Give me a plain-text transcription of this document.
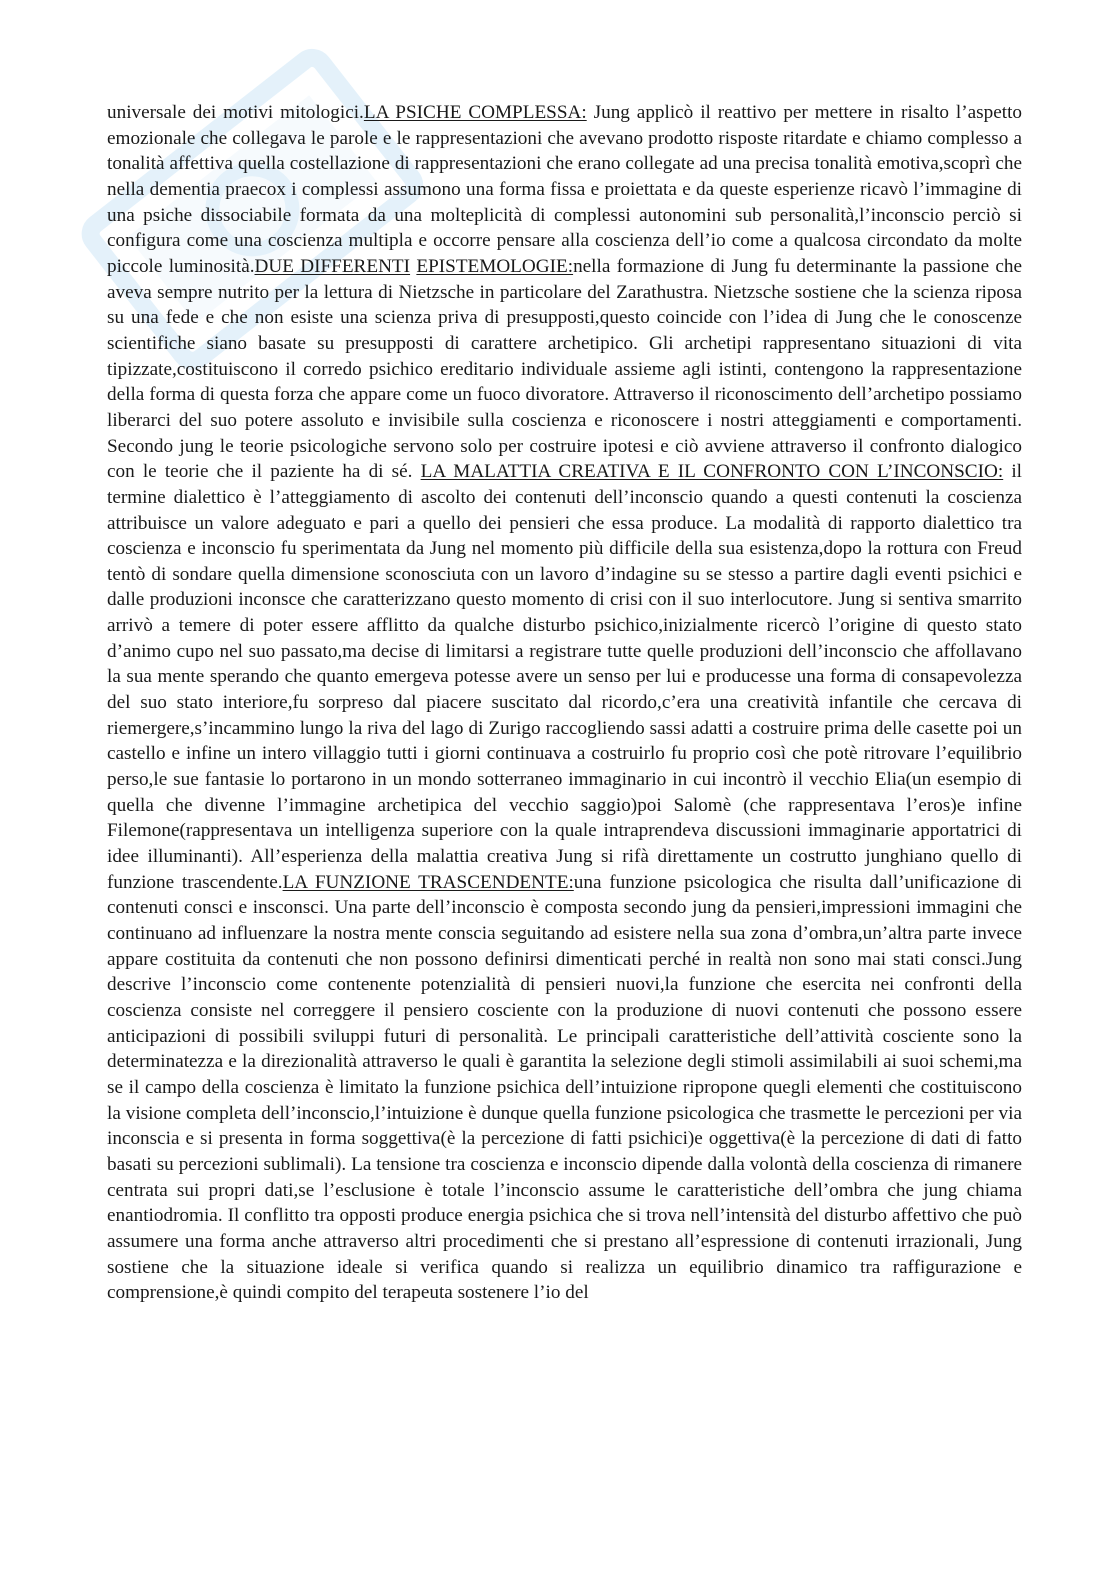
universale dei motivi mitologici.LA PSICHE COMPLESSA: Jung applicò il reattivo per mettere in risalto l’aspetto emozionale che collegava le parole e le rappresentazioni che avevano prodotto risposte ritardate e chiamo complesso a tonalità affettiva quella costellazione di rappresentazioni che erano collegate ad una precisa tonalità emotiva,scoprì che nella dementia praecox i complessi assumono una forma fissa e proiettata e da queste esperienze ricavò l’immagine di una psiche dissociabile formata da una molteplicità di complessi autonomini sub personalità,l’inconscio perciò si configura come una coscienza multipla e occorre pensare alla coscienza dell’io come a qualcosa circondato da molte piccole luminosità.DUE DIFFERENTI EPISTEMOLOGIE:nella formazione di Jung fu determinante la passione che aveva sempre nutrito per la lettura di Nietzsche in particolare del Zarathustra. Nietzsche sostiene che la scienza riposa su una fede e che non esiste una scienza priva di presupposti,questo coincide con l’idea di Jung che le conoscenze scientifiche siano basate su presupposti di carattere archetipico. Gli archetipi rappresentano situazioni di vita tipizzate,costituiscono il corredo psichico ereditario individuale assieme agli istinti, contengono la rappresentazione della forma di questa forza che appare come un fuoco divoratore. Attraverso il riconoscimento dell’archetipo possiamo liberarci del suo potere assoluto e invisibile sulla coscienza e riconoscere i nostri atteggiamenti e comportamenti. Secondo jung le teorie psicologiche servono solo per costruire ipotesi e ciò avviene attraverso il confronto dialogico con le teorie che il paziente ha di sé. LA MALATTIA CREATIVA E IL CONFRONTO CON L’INCONSCIO: il termine dialettico è l’atteggiamento di ascolto dei contenuti dell’inconscio quando a questi contenuti la coscienza attribuisce un valore adeguato e pari a quello dei pensieri che essa produce. La modalità di rapporto dialettico tra coscienza e inconscio fu sperimentata da Jung nel momento più difficile della sua esistenza,dopo la rottura con Freud tentò di sondare quella dimensione sconosciuta con un lavoro d’indagine su se stesso a partire dagli eventi psichici e dalle produzioni inconsce che caratterizzano questo momento di crisi con il suo interlocutore. Jung si sentiva smarrito arrivò a temere di poter essere afflitto da qualche disturbo psichico,inizialmente ricercò l’origine di questo stato d’animo cupo nel suo passato,ma decise di limitarsi a registrare tutte quelle produzioni dell’inconscio che affollavano la sua mente sperando che quanto emergeva potesse avere un senso per lui e producesse una forma di consapevolezza del suo stato interiore,fu sorpreso dal piacere suscitato dal ricordo,c’era una creatività infantile che cercava di riemergere,s’incammino lungo la riva del lago di Zurigo raccogliendo sassi adatti a costruire prima delle casette poi un castello e infine un intero villaggio tutti i giorni continuava a costruirlo fu proprio così che potè ritrovare l’equilibrio perso,le sue fantasie lo portarono in un mondo sotterraneo immaginario in cui incontrò il vecchio Elia(un esempio di quella che divenne l’immagine archetipica del vecchio saggio)poi Salomè (che rappresentava l’eros)e infine Filemone(rappresentava un intelligenza superiore con la quale intraprendeva discussioni immaginarie apportatrici di idee illuminanti). All’esperienza della malattia creativa Jung si rifà direttamente un costrutto junghiano quello di funzione trascendente.LA FUNZIONE TRASCENDENTE:una funzione psicologica che risulta dall’unificazione di contenuti consci e insconsci. Una parte dell’inconscio è composta secondo jung da pensieri,impressioni immagini che continuano ad influenzare la nostra mente conscia seguitando ad esistere nella sua zona d’ombra,un’altra parte invece appare costituita da contenuti che non possono definirsi dimenticati perché in realtà non sono mai stati consci.Jung descrive l’inconscio come contenente potenzialità di pensieri nuovi,la funzione che esercita nei confronti della coscienza consiste nel correggere il pensiero cosciente con la produzione di nuovi contenuti che possono essere anticipazioni di possibili sviluppi futuri di personalità. Le principali caratteristiche dell’attività cosciente sono la determinatezza e la direzionalità attraverso le quali è garantita la selezione degli stimoli assimilabili ai suoi schemi,ma se il campo della coscienza è limitato la funzione psichica dell’intuizione ripropone quegli elementi che costituiscono la visione completa dell’inconscio,l’intuizione è dunque quella funzione psicologica che trasmette le percezioni per via inconscia e si presenta in forma soggettiva(è la percezione di fatti psichici)e oggettiva(è la percezione di dati di fatto basati su percezioni sublimali). La tensione tra coscienza e inconscio dipende dalla volontà della coscienza di rimanere centrata sui propri dati,se l’esclusione è totale l’inconscio assume le caratteristiche dell’ombra che jung chiama enantiodromia. Il conflitto tra opposti produce energia psichica che si trova nell’intensità del disturbo affettivo che può assumere una forma anche attraverso altri procedimenti che si prestano all’espressione di contenuti irrazionali, Jung sostiene che la situazione ideale si verifica quando si realizza un equilibrio dinamico tra raffigurazione e comprensione,è quindi compito del terapeuta sostenere l’io del
